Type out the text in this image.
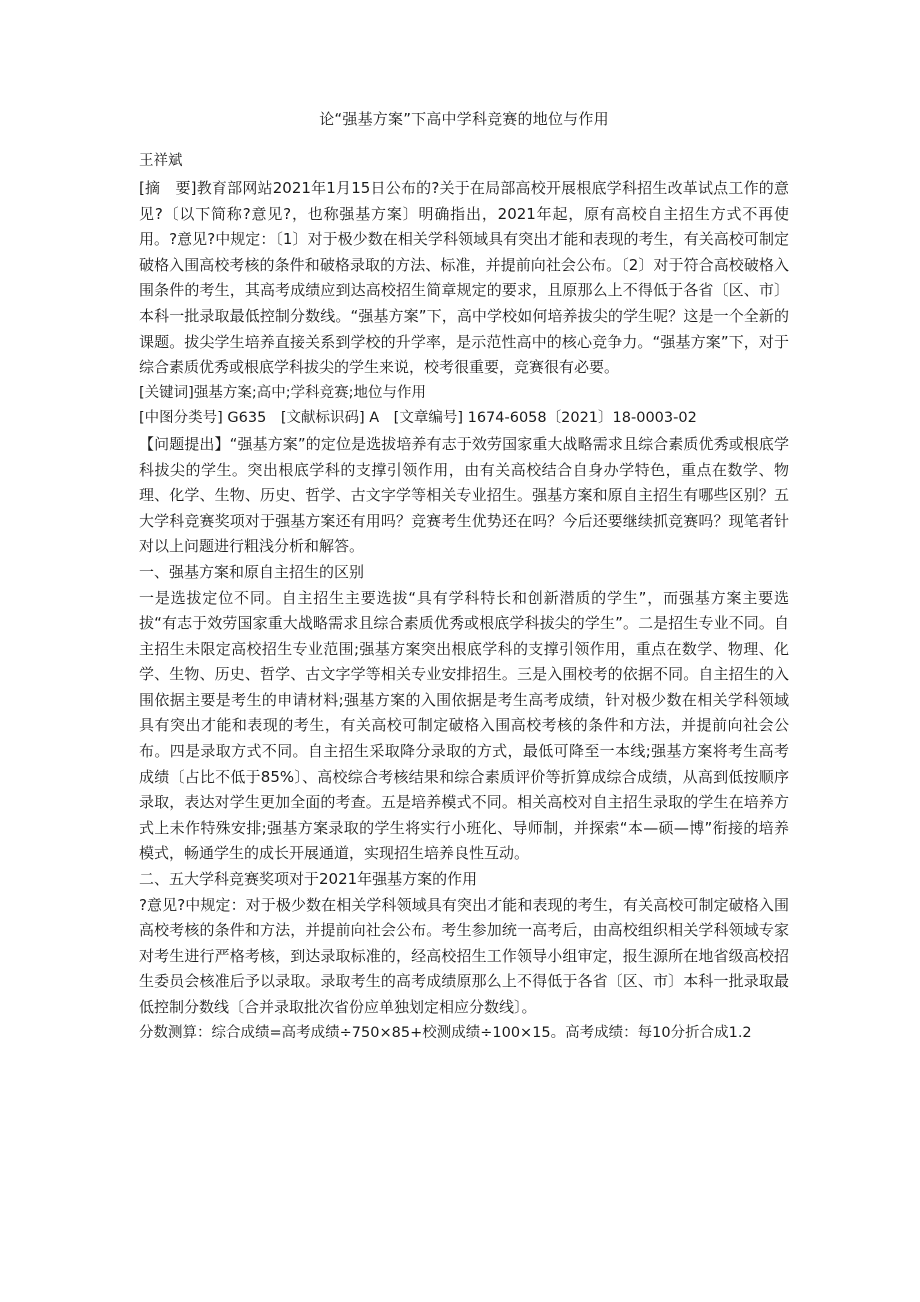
论“强基方案”下高中学科竞赛的地位与作用

王祥斌

[摘　要]教育部网站2021年1月15日公布的?关于在局部高校开展根底学科招生改革试点工作的意见?〔以下简称?意见?，也称强基方案〕明确指出，2021年起，原有高校自主招生方式不再使用。?意见?中规定：〔1〕对于极少数在相关学科领域具有突出才能和表现的考生，有关高校可制定破格入围高校考核的条件和破格录取的方法、标准，并提前向社会公布。〔2〕对于符合高校破格入围条件的考生，其高考成绩应到达高校招生简章规定的要求，且原那么上不得低于各省〔区、市〕本科一批录取最低控制分数线。“强基方案”下，高中学校如何培养拔尖的学生呢？这是一个全新的课题。拔尖学生培养直接关系到学校的升学率，是示范性高中的核心竞争力。“强基方案”下，对于综合素质优秀或根底学科拔尖的学生来说，校考很重要，竞赛很有必要。

[关键词]强基方案;高中;学科竞赛;地位与作用

[中图分类号] G635　[文献标识码] A　[文章编号] 1674-6058〔2021〕18-0003-02

【问题提出】“强基方案”的定位是选拔培养有志于效劳国家重大战略需求且综合素质优秀或根底学科拔尖的学生。突出根底学科的支撑引领作用，由有关高校结合自身办学特色，重点在数学、物理、化学、生物、历史、哲学、古文字学等相关专业招生。强基方案和原自主招生有哪些区别？五大学科竞赛奖项对于强基方案还有用吗？竞赛考生优势还在吗？今后还要继续抓竞赛吗？现笔者针对以上问题进行粗浅分析和解答。

一、强基方案和原自主招生的区别

一是选拔定位不同。自主招生主要选拔“具有学科特长和创新潜质的学生”，而强基方案主要选拔“有志于效劳国家重大战略需求且综合素质优秀或根底学科拔尖的学生”。二是招生专业不同。自主招生未限定高校招生专业范围;强基方案突出根底学科的支撑引领作用，重点在数学、物理、化学、生物、历史、哲学、古文字学等相关专业安排招生。三是入围校考的依据不同。自主招生的入围依据主要是考生的申请材料;强基方案的入围依据是考生高考成绩，针对极少数在相关学科领域具有突出才能和表现的考生，有关高校可制定破格入围高校考核的条件和方法，并提前向社会公布。四是录取方式不同。自主招生采取降分录取的方式，最低可降至一本线;强基方案将考生高考成绩〔占比不低于85%〕、高校综合考核结果和综合素质评价等折算成综合成绩，从高到低按顺序录取，表达对学生更加全面的考查。五是培养模式不同。相关高校对自主招生录取的学生在培养方式上未作特殊安排;强基方案录取的学生将实行小班化、导师制，并探索“本—硕—博”衔接的培养模式，畅通学生的成长开展通道，实现招生培养良性互动。

二、五大学科竞赛奖项对于2021年强基方案的作用

?意见?中规定：对于极少数在相关学科领域具有突出才能和表现的考生，有关高校可制定破格入围高校考核的条件和方法，并提前向社会公布。考生参加统一高考后，由高校组织相关学科领域专家对考生进行严格考核，到达录取标准的，经高校招生工作领导小组审定，报生源所在地省级高校招生委员会核准后予以录取。录取考生的高考成绩原那么上不得低于各省〔区、市〕本科一批录取最低控制分数线〔合并录取批次省份应单独划定相应分数线〕。

分数测算：综合成绩=高考成绩÷750×85+校测成绩÷100×15。高考成绩：每10分折合成1.2
